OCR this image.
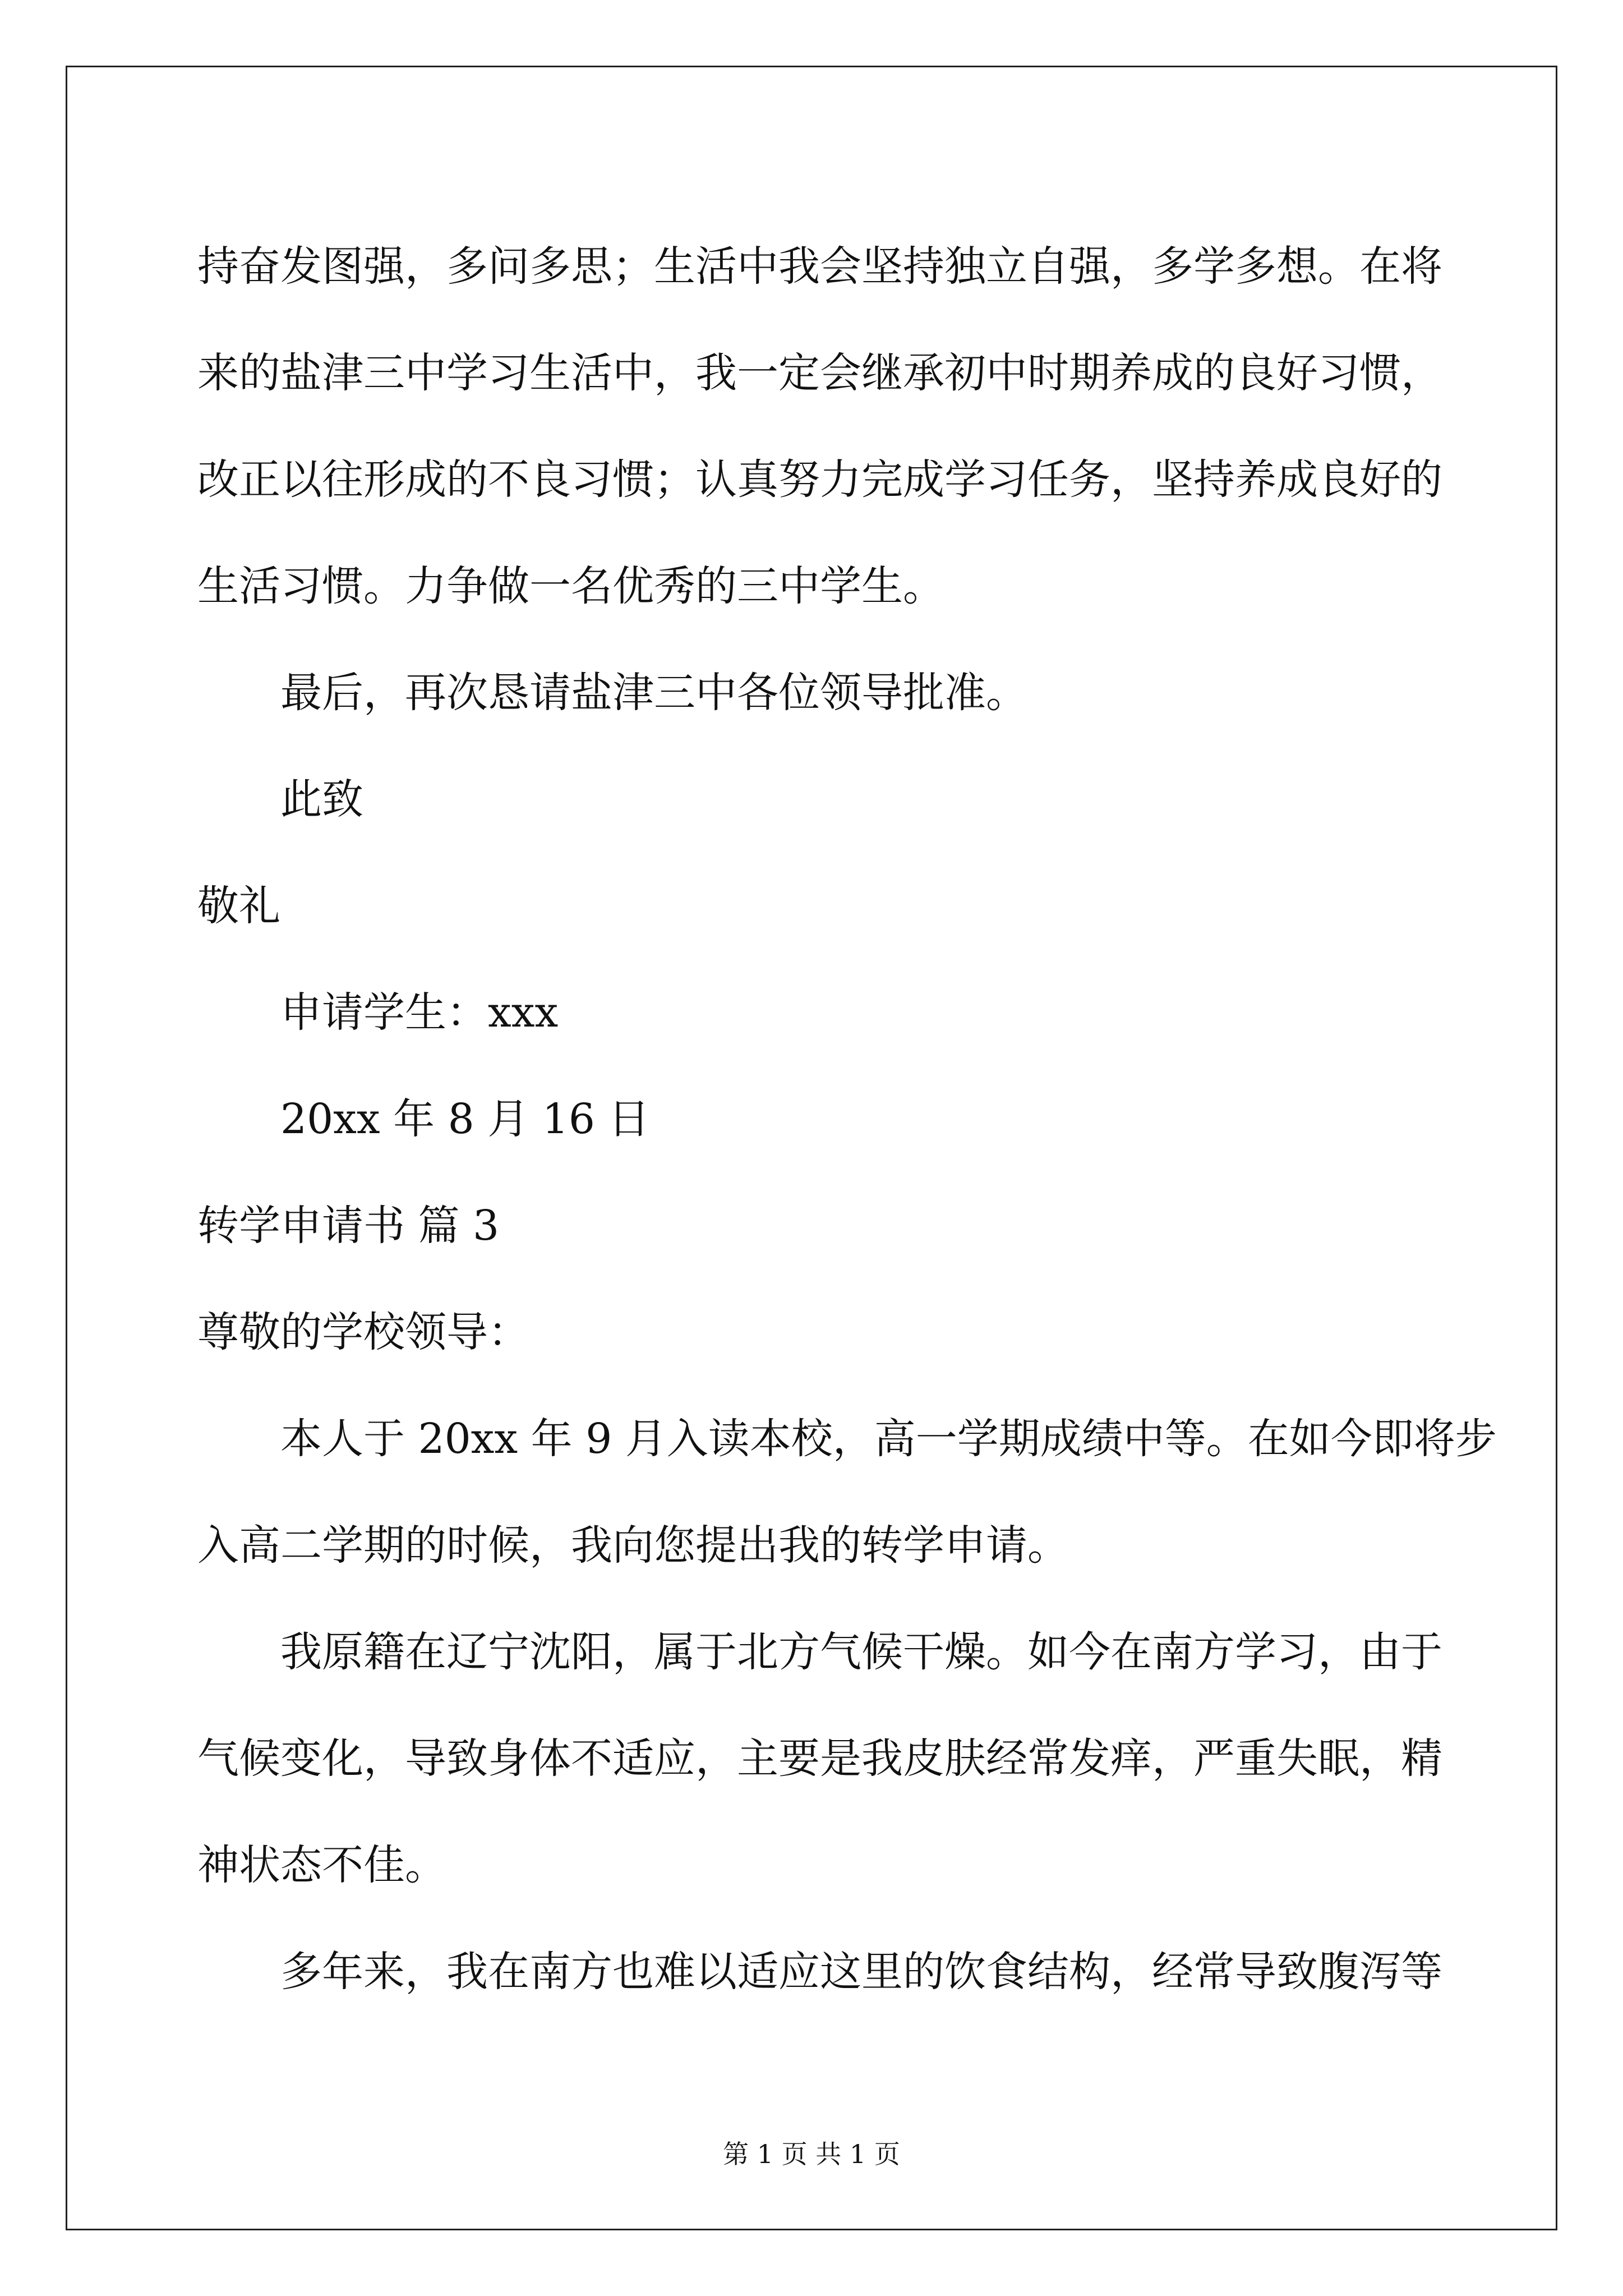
持奋发图强，多问多思；生活中我会坚持独立自强，多学多想。在将

来的盐津三中学习生活中，我一定会继承初中时期养成的良好习惯，

改正以往形成的不良习惯；认真努力完成学习任务，坚持养成良好的

生活习惯。力争做一名优秀的三中学生。

最后，再次恳请盐津三中各位领导批准。

此致

敬礼

申请学生：xxx

20xx 年 8 月 16 日

转学申请书 篇 3

尊敬的学校领导：

本人于 20xx 年 9 月入读本校，高一学期成绩中等。在如今即将步

入高二学期的时候，我向您提出我的转学申请。

我原籍在辽宁沈阳，属于北方气候干燥。如今在南方学习，由于

气候变化，导致身体不适应，主要是我皮肤经常发痒，严重失眠，精

神状态不佳。

多年来，我在南方也难以适应这里的饮食结构，经常导致腹泻等

第 1 页 共 1 页
